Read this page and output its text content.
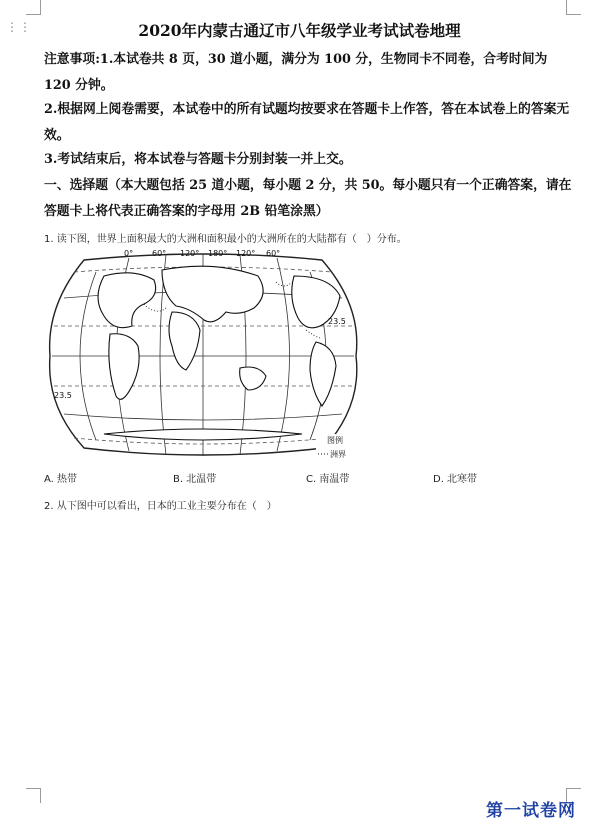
⋮⋮	2020年内蒙古通辽市八年级学业考试试卷地理
注意事项:1.本试卷共 8 页，30 道小题，满分为 100 分，生物同卡不同卷，合考时间为 120 分钟。
2.根据网上阅卷需要，本试卷中的所有试题均按要求在答题卡上作答，答在本试卷上的答案无效。
3.考试结束后，将本试卷与答题卡分别封装一并上交。
一、选择题（本大题包括 25 道小题，每小题 2 分，共 50。每小题只有一个正确答案，请在答题卡上将代表正确答案的字母用 2B 铅笔涂黑）
1. 读下图，世界上面积最大的大洲和面积最小的大洲所在的大陆都有（　）分布。
0° 60° 120° 180° 120° 60°
23.5
23.5
图例
洲界
A. 热带	B. 北温带	C. 南温带	D. 北寒带
2. 从下图中可以看出，日本的工业主要分布在（　）
第一试卷网
